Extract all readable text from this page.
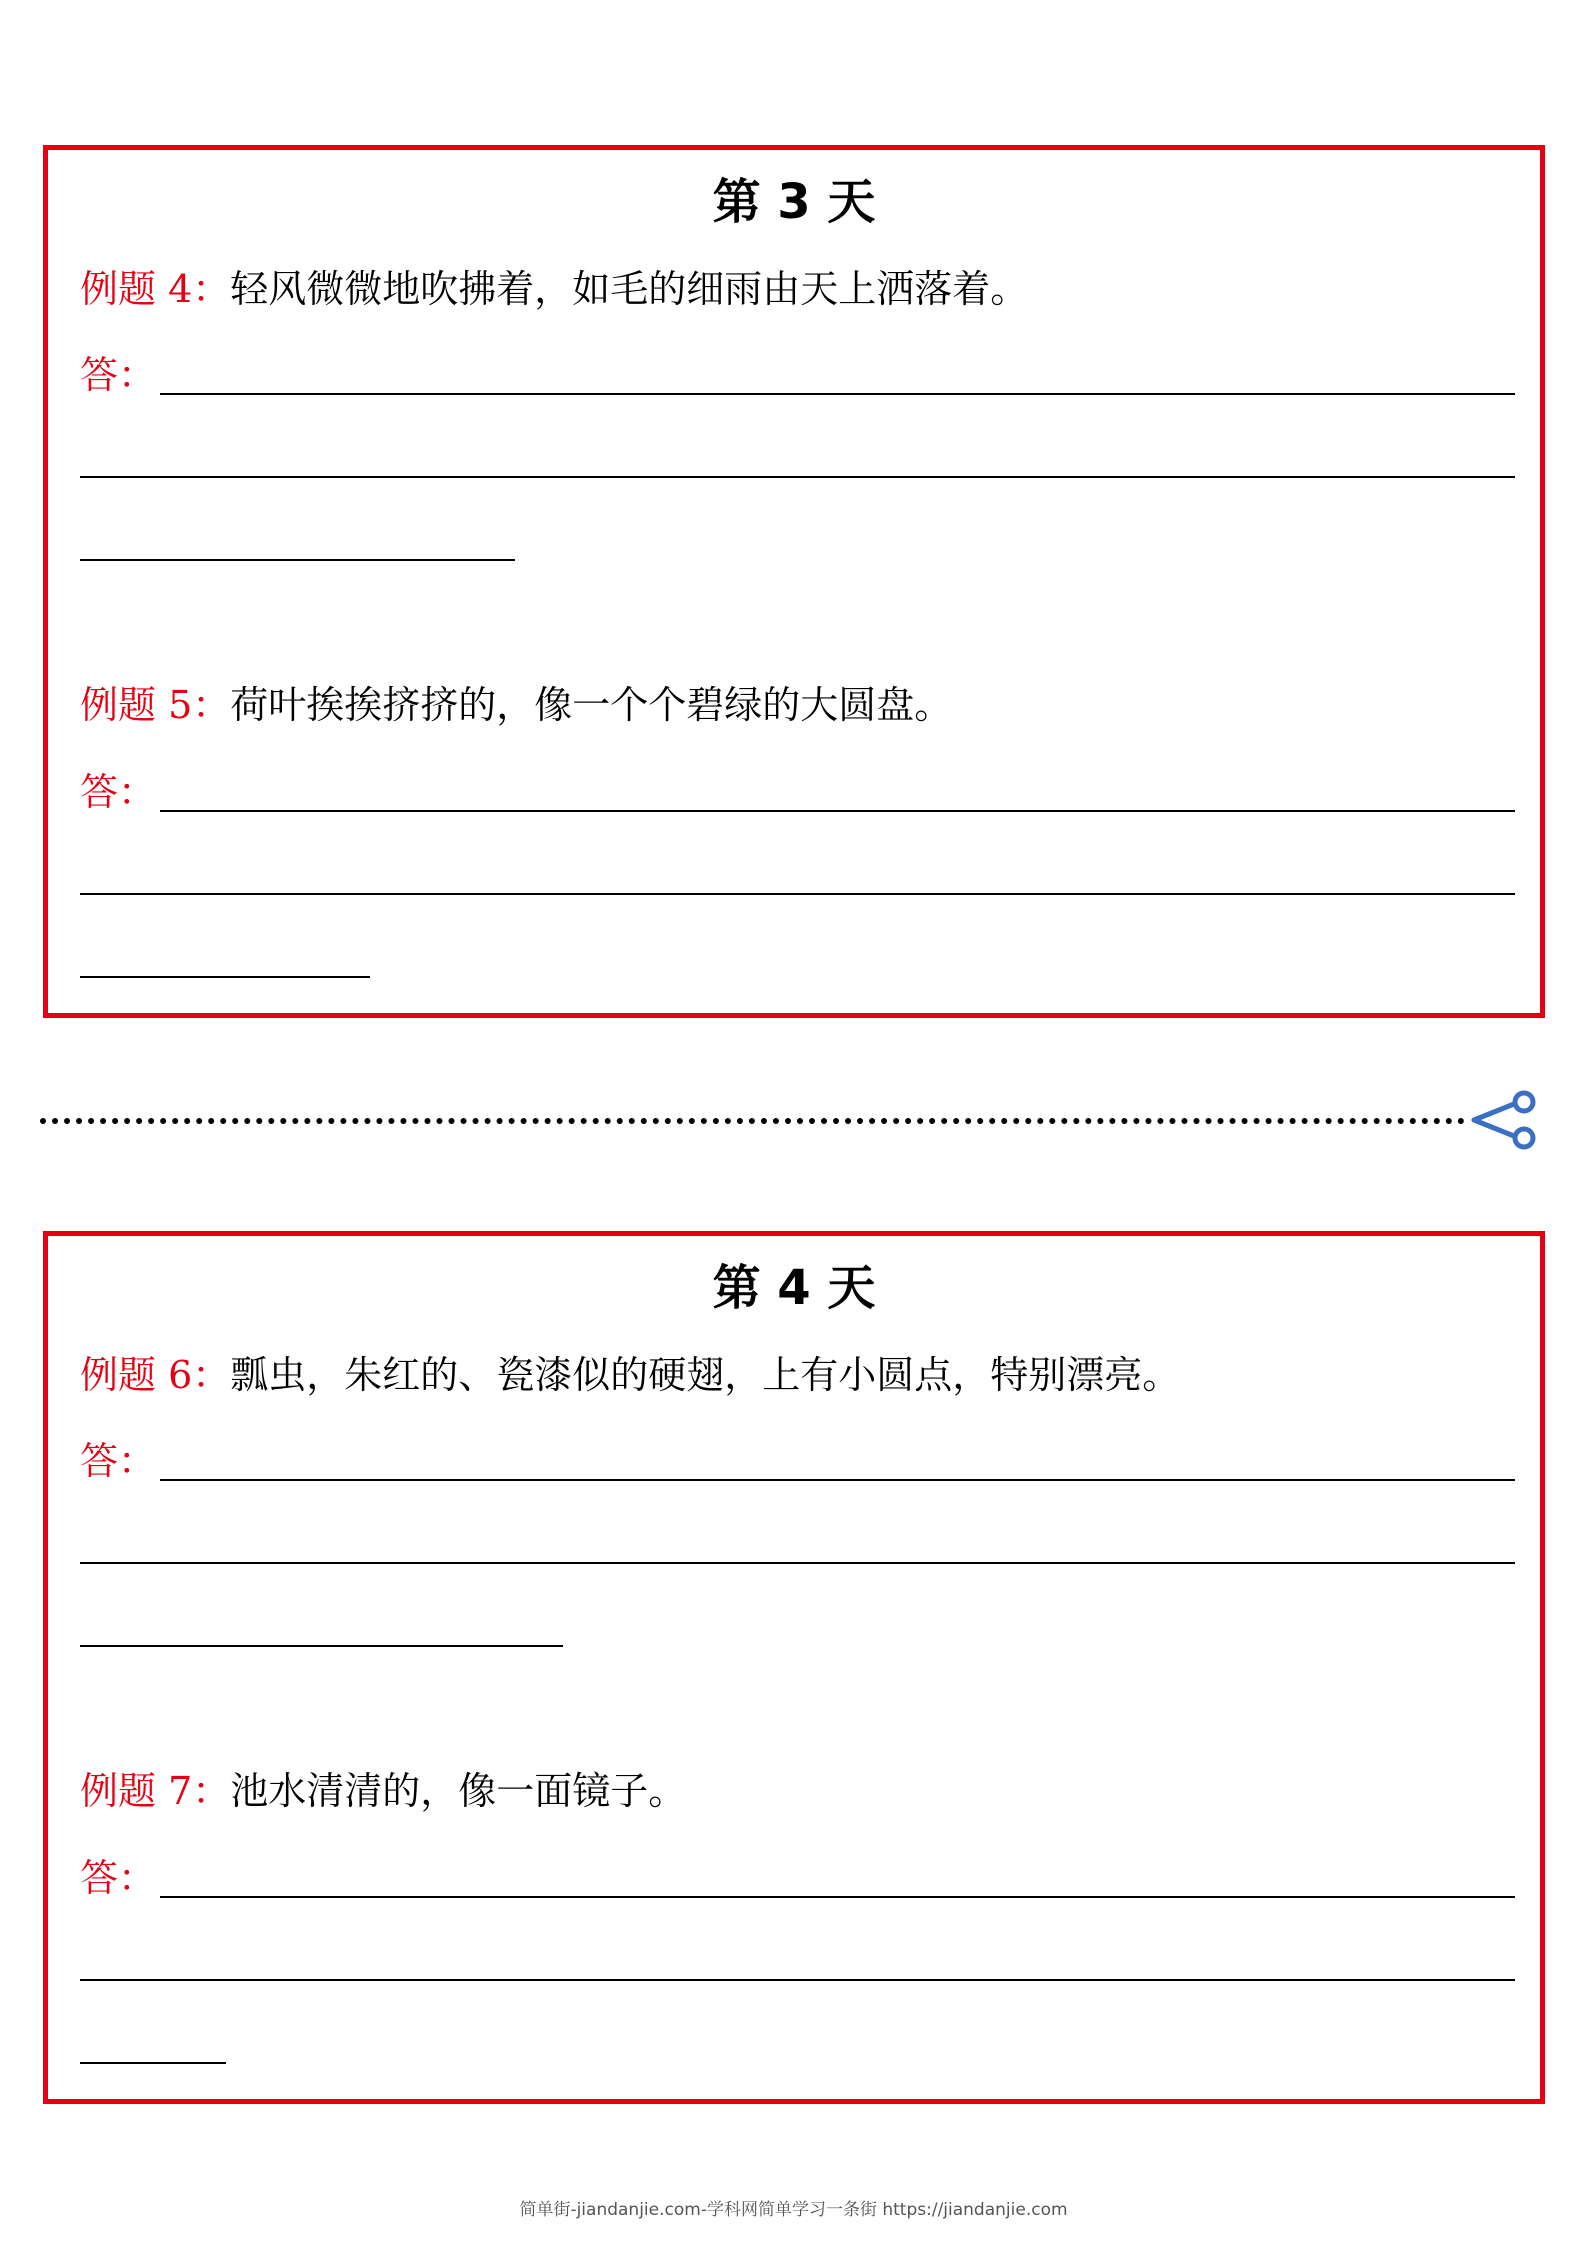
第 3 天
例题 4：轻风微微地吹拂着，如毛的细雨由天上洒落着。
答：
例题 5：荷叶挨挨挤挤的，像一个个碧绿的大圆盘。
答：
第 4 天
例题 6：瓢虫，朱红的、瓷漆似的硬翅，上有小圆点，特别漂亮。
答：
例题 7：池水清清的，像一面镜子。
答：
简单街-jiandanjie.com-学科网简单学习一条街 https://jiandanjie.com
